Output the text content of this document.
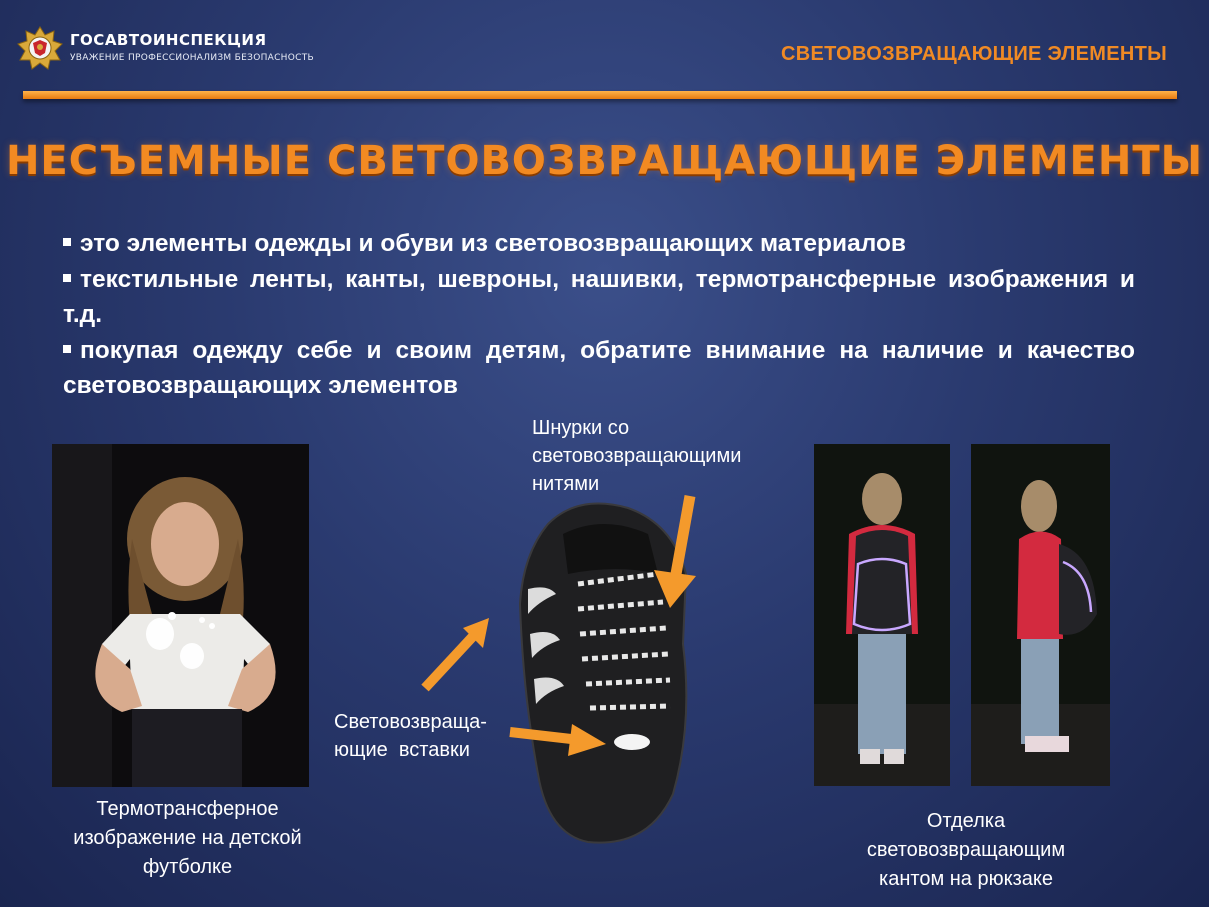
ГОСАВТОИНСПЕКЦИЯ
УВАЖЕНИЕ ПРОФЕССИОНАЛИЗМ БЕЗОПАСНОСТЬ	СВЕТОВОЗВРАЩАЮЩИЕ ЭЛЕМЕНТЫ
НЕСЪЕМНЫЕ СВЕТОВОЗВРАЩАЮЩИЕ ЭЛЕМЕНТЫ

это элементы одежды и обуви из световозвращающих материалов

текстильные ленты, канты, шевроны, нашивки, термотрансферные изображения и т.д.

покупая одежду себе и своим детям, обратите внимание на наличие и качество световозвращающих элементов

Термотрансферное
изображение на детской
футболке
Шнурки со
световозвращающими
нитями
Световозвраща-
ющие  вставки
Отделка
световозвращающим
кантом на рюкзаке
